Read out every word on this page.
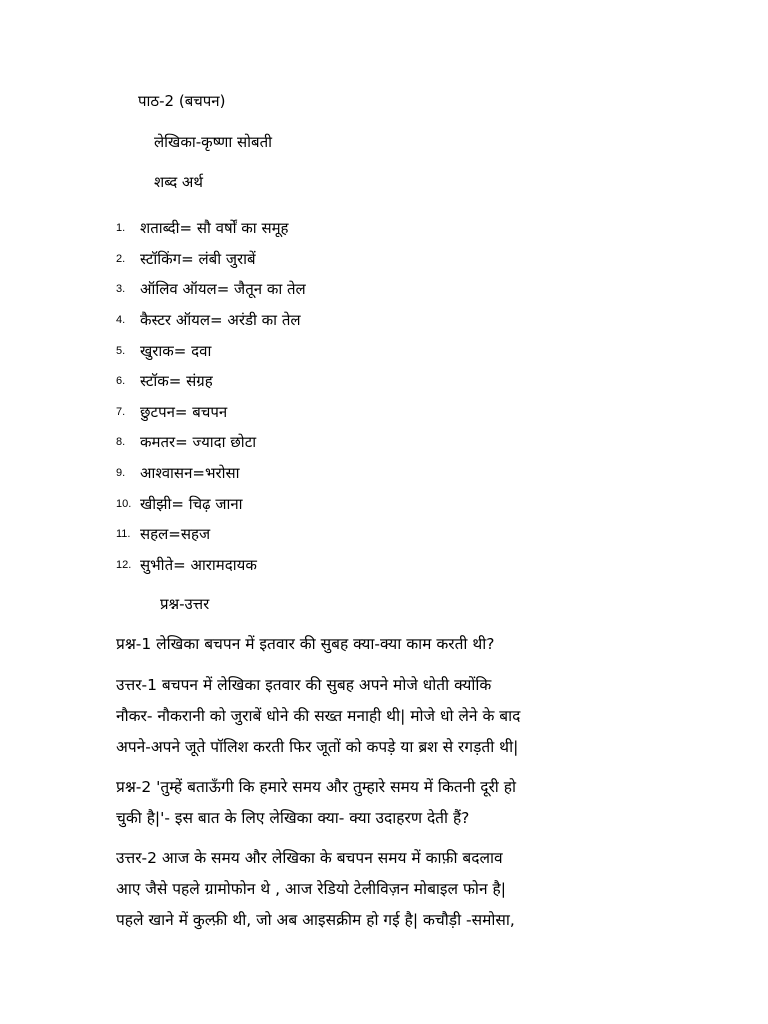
पाठ-2 (बचपन)
लेखिका-कृष्णा सोबती
शब्द अर्थ
1. शताब्दी= सौ वर्षों का समूह
2. स्टॉकिंग= लंबी जुराबें
3. ऑलिव ऑयल= जैतून का तेल
4. कैस्टर ऑयल= अरंडी का तेल
5. खुराक= दवा
6. स्टॉक= संग्रह
7. छुटपन= बचपन
8. कमतर= ज्यादा छोटा
9. आश्वासन=भरोसा
10. खीझी= चिढ़ जाना
11. सहल=सहज
12. सुभीते= आरामदायक
प्रश्न-उत्तर
प्रश्न-1 लेखिका बचपन में इतवार की सुबह क्या-क्या काम करती थी?
उत्तर-1 बचपन में लेखिका इतवार की सुबह अपने मोजे धोती क्योंकि
नौकर- नौकरानी को जुराबें धोने की सख्त मनाही थी| मोजे धो लेने के बाद
अपने-अपने जूते पॉलिश करती फिर जूतों को कपड़े या ब्रश से रगड़ती थी|
प्रश्न-2 'तुम्हें बताऊँगी कि हमारे समय और तुम्हारे समय में कितनी दूरी हो
चुकी है|'- इस बात के लिए लेखिका क्या- क्या उदाहरण देती हैं?
उत्तर-2 आज के समय और लेखिका के बचपन समय में काफ़ी बदलाव
आए जैसे पहले ग्रामोफोन थे , आज रेडियो टेलीविज़न मोबाइल फोन है|
पहले खाने में कुल्फ़ी थी, जो अब आइसक्रीम हो गई है| कचौड़ी -समोसा,
